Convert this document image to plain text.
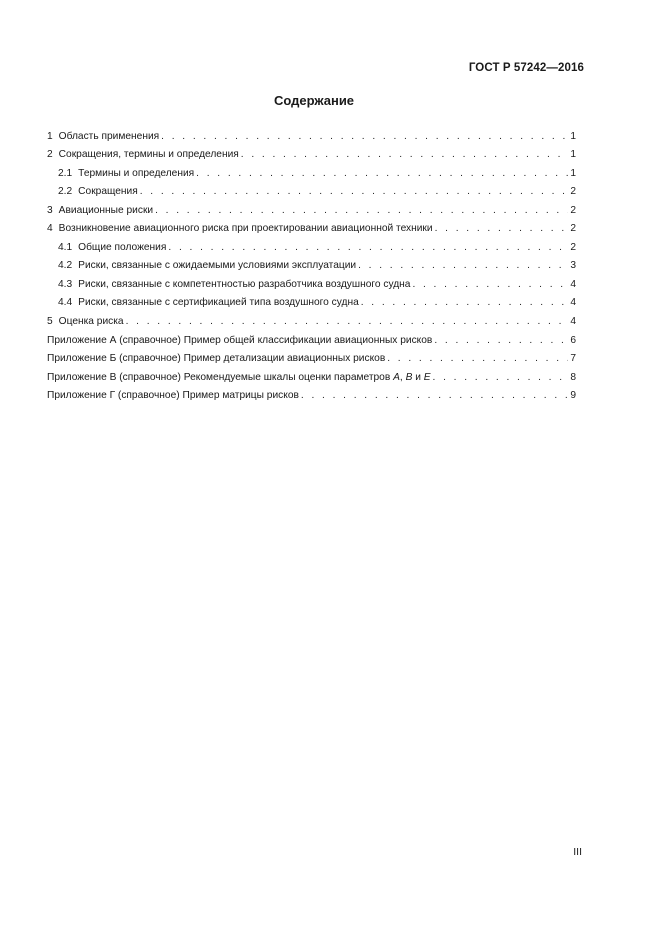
ГОСТ Р 57242—2016
Содержание
1 Область применения . . .	1
2 Сокращения, термины и определения . . .	1
2.1 Термины и определения . . .	1
2.2 Сокращения . . .	2
3 Авиационные риски . . .	2
4 Возникновение авиационного риска при проектировании авиационной техники . . .	2
4.1 Общие положения . . .	2
4.2 Риски, связанные с ожидаемыми условиями эксплуатации . . .	3
4.3 Риски, связанные с компетентностью разработчика воздушного судна . . .	4
4.4 Риски, связанные с сертификацией типа воздушного судна . . .	4
5 Оценка риска . . .	4
Приложение А (справочное) Пример общей классификации авиационных рисков . . .	6
Приложение Б (справочное) Пример детализации авиационных рисков . . .	7
Приложение В (справочное) Рекомендуемые шкалы оценки параметров A, B и E . . .	8
Приложение Г (справочное) Пример матрицы рисков . . .	9
III
